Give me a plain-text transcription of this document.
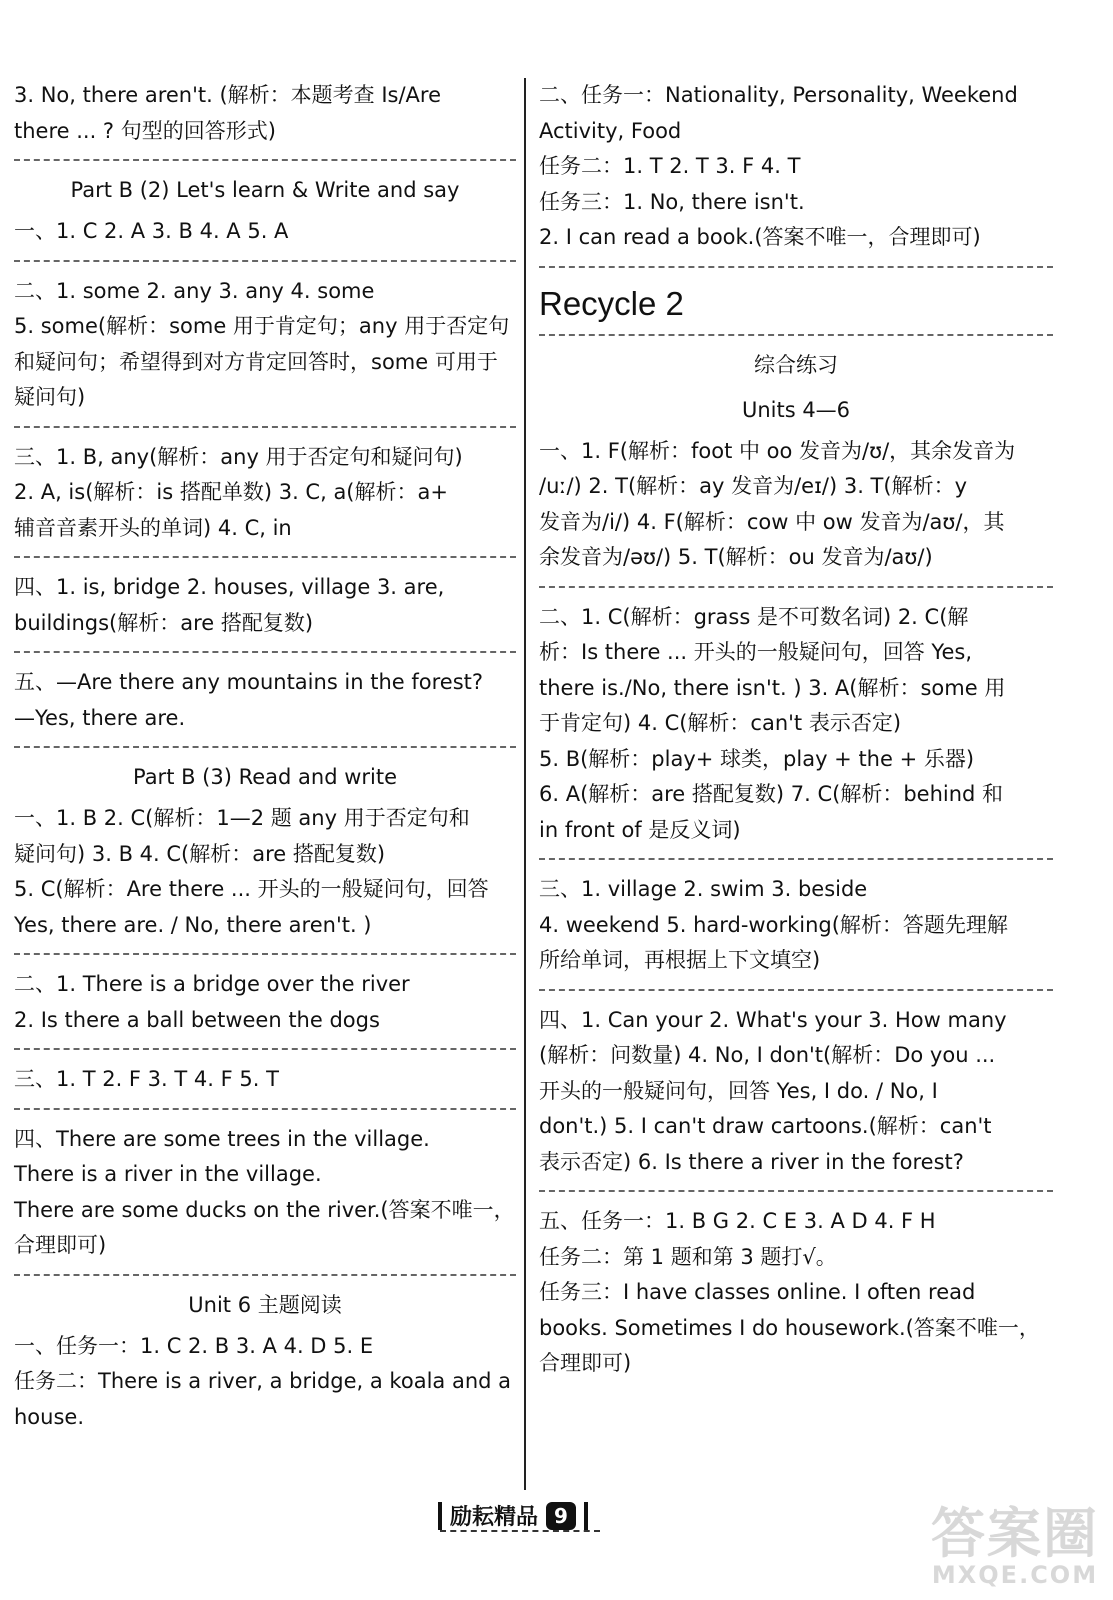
3. No, there aren't. (解析：本题考查 Is/Are

there ... ? 句型的回答形式)

Part B (2) Let's learn & Write and say

一、1. C 2. A 3. B 4. A 5. A

二、1. some 2. any 3. any 4. some

5. some(解析：some 用于肯定句；any 用于否定句

和疑问句；希望得到对方肯定回答时，some 可用于

疑问句)

三、1. B, any(解析：any 用于否定句和疑问句)

2. A, is(解析：is 搭配单数) 3. C, a(解析：a+

辅音音素开头的单词) 4. C, in

四、1. is, bridge 2. houses, village 3. are,

buildings(解析：are 搭配复数)

五、—Are there any mountains in the forest?

—Yes, there are.

Part B (3) Read and write

一、1. B 2. C(解析：1—2 题 any 用于否定句和

疑问句) 3. B 4. C(解析：are 搭配复数)

5. C(解析：Are there ... 开头的一般疑问句，回答

Yes, there are. / No, there aren't. )

二、1. There is a bridge over the river

2. Is there a ball between the dogs

三、1. T 2. F 3. T 4. F 5. T

四、There are some trees in the village.

There is a river in the village.

There are some ducks on the river.(答案不唯一，

合理即可)

Unit 6 主题阅读

一、任务一：1. C 2. B 3. A 4. D 5. E

任务二：There is a river, a bridge, a koala and a

house.

二、任务一：Nationality, Personality, Weekend

Activity, Food

任务二：1. T 2. T 3. F 4. T

任务三：1. No, there isn't.

2. I can read a book.(答案不唯一，合理即可)

Recycle 2
综合练习
Units 4—6

一、1. F(解析：foot 中 oo 发音为/ʊ/，其余发音为

/uː/) 2. T(解析：ay 发音为/eɪ/) 3. T(解析：y

发音为/i/) 4. F(解析：cow 中 ow 发音为/aʊ/，其

余发音为/əʊ/) 5. T(解析：ou 发音为/aʊ/)

二、1. C(解析：grass 是不可数名词) 2. C(解

析：Is there ... 开头的一般疑问句，回答 Yes,

there is./No, there isn't. ) 3. A(解析：some 用

于肯定句) 4. C(解析：can't 表示否定)

5. B(解析：play+ 球类，play + the + 乐器)

6. A(解析：are 搭配复数) 7. C(解析：behind 和

in front of 是反义词)

三、1. village 2. swim 3. beside

4. weekend 5. hard-working(解析：答题先理解

所给单词，再根据上下文填空)

四、1. Can your 2. What's your 3. How many

(解析：问数量) 4. No, I don't(解析：Do you ...

开头的一般疑问句，回答 Yes, I do. / No, I

don't.) 5. I can't draw cartoons.(解析：can't

表示否定) 6. Is there a river in the forest?

五、任务一：1. B G 2. C E 3. A D 4. F H

任务二：第 1 题和第 3 题打√。

任务三：I have classes online. I often read

books. Sometimes I do housework.(答案不唯一，

合理即可)

励耘精品 9	答案圈
MXQE.COM
